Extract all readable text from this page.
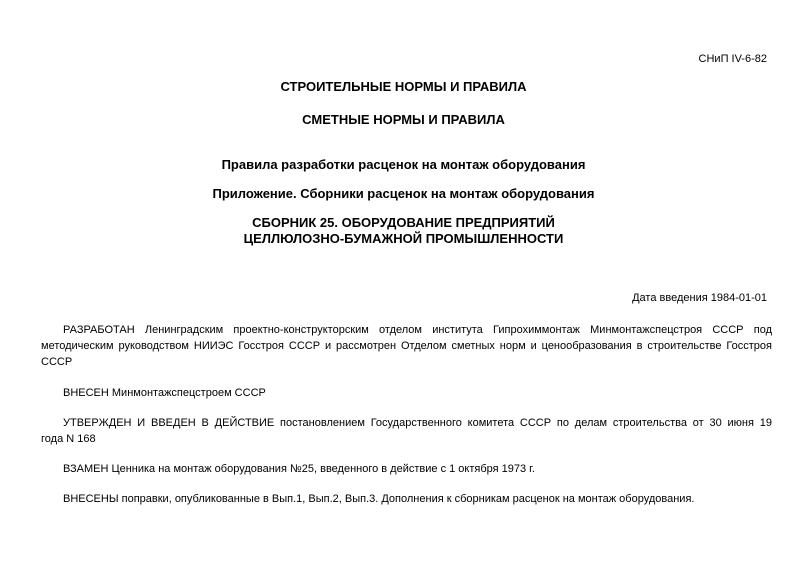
СНиП IV-6-82
СТРОИТЕЛЬНЫЕ НОРМЫ И ПРАВИЛА
СМЕТНЫЕ НОРМЫ И ПРАВИЛА
Правила разработки расценок на монтаж оборудования
Приложение. Сборники расценок на монтаж оборудования
СБОРНИК 25. ОБОРУДОВАНИЕ ПРЕДПРИЯТИЙ
ЦЕЛЛЮЛОЗНО-БУМАЖНОЙ ПРОМЫШЛЕННОСТИ
Дата введения 1984-01-01
РАЗРАБОТАН Ленинградским проектно-конструкторским отделом института Гипрохиммонтаж Минмонтажспецстроя СССР под
методическим руководством НИИЭС Госстроя СССР и рассмотрен Отделом сметных норм и ценообразования в строительстве Госстроя
СССР
ВНЕСЕН Минмонтажспецстроем СССР
УТВЕРЖДЕН И ВВЕДЕН В ДЕЙСТВИЕ постановлением Государственного комитета СССР по делам строительства от 30 июня 19
года N 168
ВЗАМЕН Ценника на монтаж оборудования №25, введенного в действие с 1 октября 1973 г.
ВНЕСЕНЫ поправки, опубликованные в Вып.1, Вып.2, Вып.3. Дополнения к сборникам расценок на монтаж оборудования.
